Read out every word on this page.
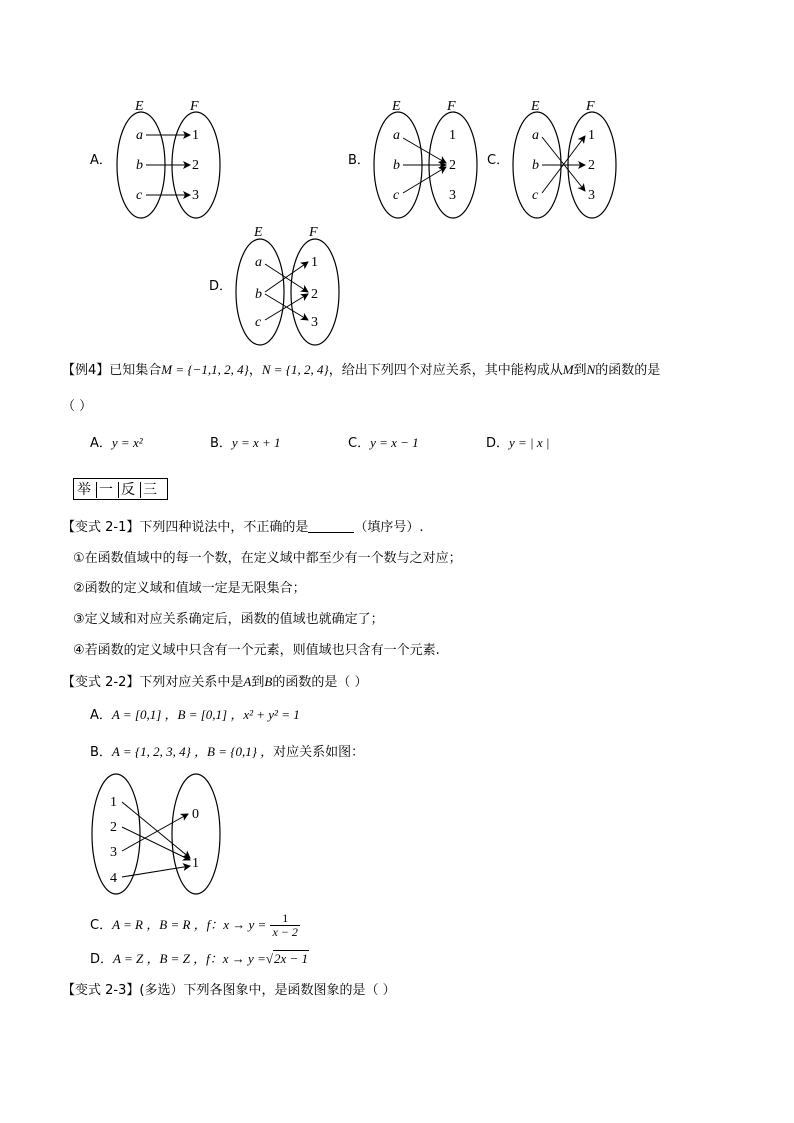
A．
E	F
a
b
c
1
2
3
B．
E	F
a
b
c
1
2
3
C．
E	F
a
b
c
1
2
3
D．
E	F
a
b
c
1
2
3
【例4】已知集合M = {−1,1, 2, 4}，N = {1, 2, 4}，给出下列四个对应关系，其中能构成从M到N的函数的是
（ ）
A．y = x²	B．y = x + 1	C．y = x − 1	D．y = | x |
举 一 反 三
【变式 2-1】下列四种说法中，不正确的是	（填序号）.
①在函数值域中的每一个数，在定义域中都至少有一个数与之对应；
②函数的定义域和值域一定是无限集合；
③定义域和对应关系确定后，函数的值域也就确定了；
④若函数的定义域中只含有一个元素，则值域也只含有一个元素.
【变式 2-2】下列对应关系中是A到B的函数的是（ ）
A．A = [0,1] ，B = [0,1] ，x² + y² = 1
B．A = {1, 2, 3, 4} ，B = {0,1} ，对应关系如图：
1
2
3
4
0
1
C．A = R ，B = R ，f：$x \to y = \frac{1}{x - 2}$
D．A = Z ，B = Z ，f：x → y =√2x − 1
【变式 2-3】(多选）下列各图象中，是函数图象的是（ ）
